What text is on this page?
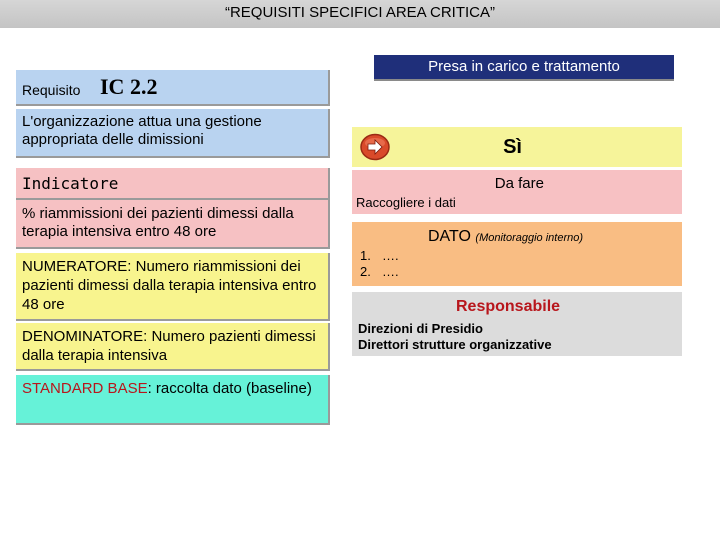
“REQUISITI SPECIFICI AREA CRITICA”
Requisito IC 2.2
L'organizzazione attua una gestione appropriata delle dimissioni
Indicatore
% riammissioni dei pazienti dimessi dalla terapia intensiva entro 48 ore
NUMERATORE: Numero riammissioni dei pazienti dimessi dalla terapia intensiva entro 48 ore
DENOMINATORE: Numero pazienti dimessi dalla terapia intensiva
STANDARD BASE: raccolta dato (baseline)
Presa in carico e trattamento
Sì
Da fare
Raccogliere i dati
DATO (Monitoraggio interno)
1. ….
2. ….
Responsabile
Direzioni di Presidio
Direttori strutture organizzative
